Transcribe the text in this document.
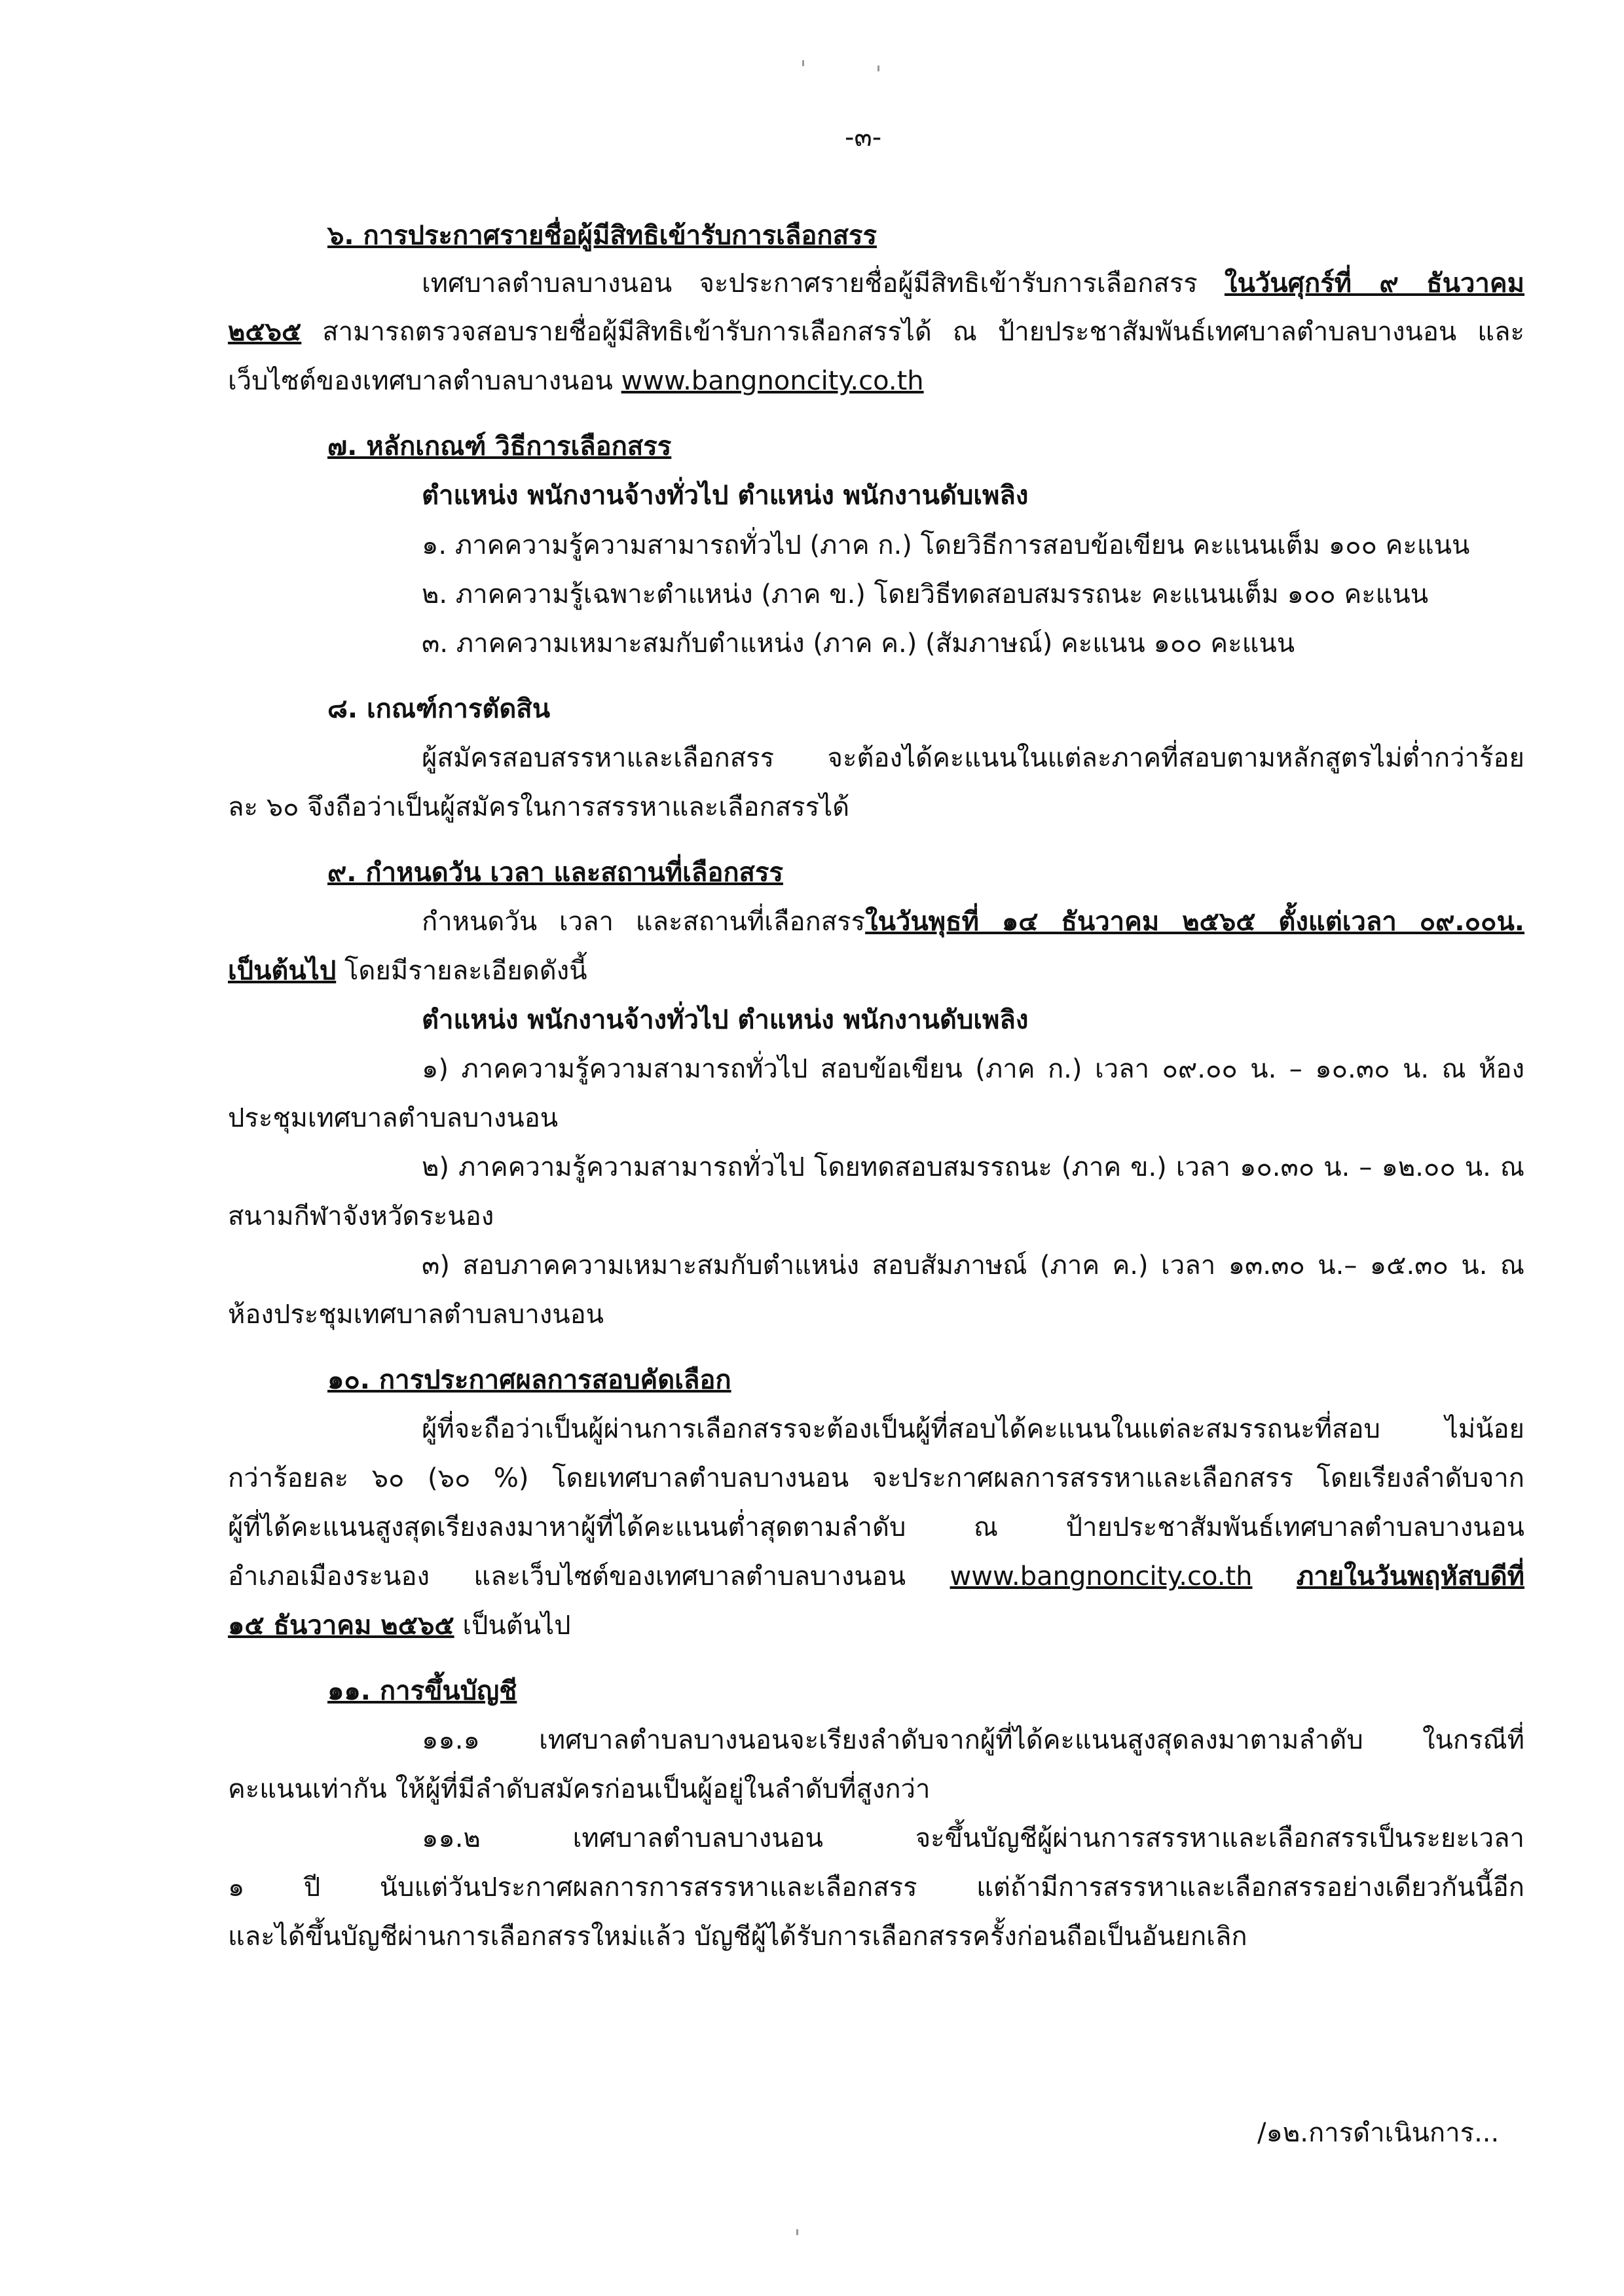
-๓-
๖. การประกาศรายชื่อผู้มีสิทธิเข้ารับการเลือกสรร
เทศบาลตำบลบางนอน จะประกาศรายชื่อผู้มีสิทธิเข้ารับการเลือกสรร ในวันศุกร์ที่ ๙ ธันวาคม
๒๕๖๕ สามารถตรวจสอบรายชื่อผู้มีสิทธิเข้ารับการเลือกสรรได้ ณ ป้ายประชาสัมพันธ์เทศบาลตำบลบางนอน และ
เว็บไซต์ของเทศบาลตำบลบางนอน www.bangnoncity.co.th
๗. หลักเกณฑ์ วิธีการเลือกสรร
ตำแหน่ง พนักงานจ้างทั่วไป ตำแหน่ง พนักงานดับเพลิง
๑. ภาคความรู้ความสามารถทั่วไป (ภาค ก.) โดยวิธีการสอบข้อเขียน คะแนนเต็ม ๑๐๐ คะแนน
๒. ภาคความรู้เฉพาะตำแหน่ง (ภาค ข.) โดยวิธีทดสอบสมรรถนะ คะแนนเต็ม ๑๐๐ คะแนน
๓. ภาคความเหมาะสมกับตำแหน่ง (ภาค ค.) (สัมภาษณ์) คะแนน ๑๐๐ คะแนน
๘. เกณฑ์การตัดสิน
ผู้สมัครสอบสรรหาและเลือกสรร จะต้องได้คะแนนในแต่ละภาคที่สอบตามหลักสูตรไม่ต่ำกว่าร้อย
ละ ๖๐ จึงถือว่าเป็นผู้สมัครในการสรรหาและเลือกสรรได้
๙. กำหนดวัน เวลา และสถานที่เลือกสรร
กำหนดวัน เวลา และสถานที่เลือกสรรในวันพุธที่ ๑๔ ธันวาคม ๒๕๖๕ ตั้งแต่เวลา ๐๙.๐๐น.
เป็นต้นไป โดยมีรายละเอียดดังนี้
ตำแหน่ง พนักงานจ้างทั่วไป ตำแหน่ง พนักงานดับเพลิง
๑) ภาคความรู้ความสามารถทั่วไป สอบข้อเขียน (ภาค ก.) เวลา ๐๙.๐๐ น. – ๑๐.๓๐ น. ณ ห้อง
ประชุมเทศบาลตำบลบางนอน
๒) ภาคความรู้ความสามารถทั่วไป โดยทดสอบสมรรถนะ (ภาค ข.) เวลา ๑๐.๓๐ น. – ๑๒.๐๐ น. ณ
สนามกีฬาจังหวัดระนอง
๓) สอบภาคความเหมาะสมกับตำแหน่ง สอบสัมภาษณ์ (ภาค ค.) เวลา ๑๓.๓๐ น.– ๑๕.๓๐ น. ณ
ห้องประชุมเทศบาลตำบลบางนอน
๑๐. การประกาศผลการสอบคัดเลือก
ผู้ที่จะถือว่าเป็นผู้ผ่านการเลือกสรรจะต้องเป็นผู้ที่สอบได้คะแนนในแต่ละสมรรถนะที่สอบ ไม่น้อย
กว่าร้อยละ ๖๐ (๖๐ %) โดยเทศบาลตำบลบางนอน จะประกาศผลการสรรหาและเลือกสรร โดยเรียงลำดับจาก
ผู้ที่ได้คะแนนสูงสุดเรียงลงมาหาผู้ที่ได้คะแนนต่ำสุดตามลำดับ ณ ป้ายประชาสัมพันธ์เทศบาลตำบลบางนอน
อำเภอเมืองระนอง และเว็บไซต์ของเทศบาลตำบลบางนอน www.bangnoncity.co.th ภายในวันพฤหัสบดีที่
๑๕ ธันวาคม ๒๕๖๕ เป็นต้นไป
๑๑. การขึ้นบัญชี
๑๑.๑ เทศบาลตำบลบางนอนจะเรียงลำดับจากผู้ที่ได้คะแนนสูงสุดลงมาตามลำดับ ในกรณีที่
คะแนนเท่ากัน ให้ผู้ที่มีลำดับสมัครก่อนเป็นผู้อยู่ในลำดับที่สูงกว่า
๑๑.๒ เทศบาลตำบลบางนอน จะขึ้นบัญชีผู้ผ่านการสรรหาและเลือกสรรเป็นระยะเวลา
๑ ปี นับแต่วันประกาศผลการการสรรหาและเลือกสรร แต่ถ้ามีการสรรหาและเลือกสรรอย่างเดียวกันนี้อีก
และได้ขึ้นบัญชีผ่านการเลือกสรรใหม่แล้ว บัญชีผู้ได้รับการเลือกสรรครั้งก่อนถือเป็นอันยกเลิก
/๑๒.การดำเนินการ...
